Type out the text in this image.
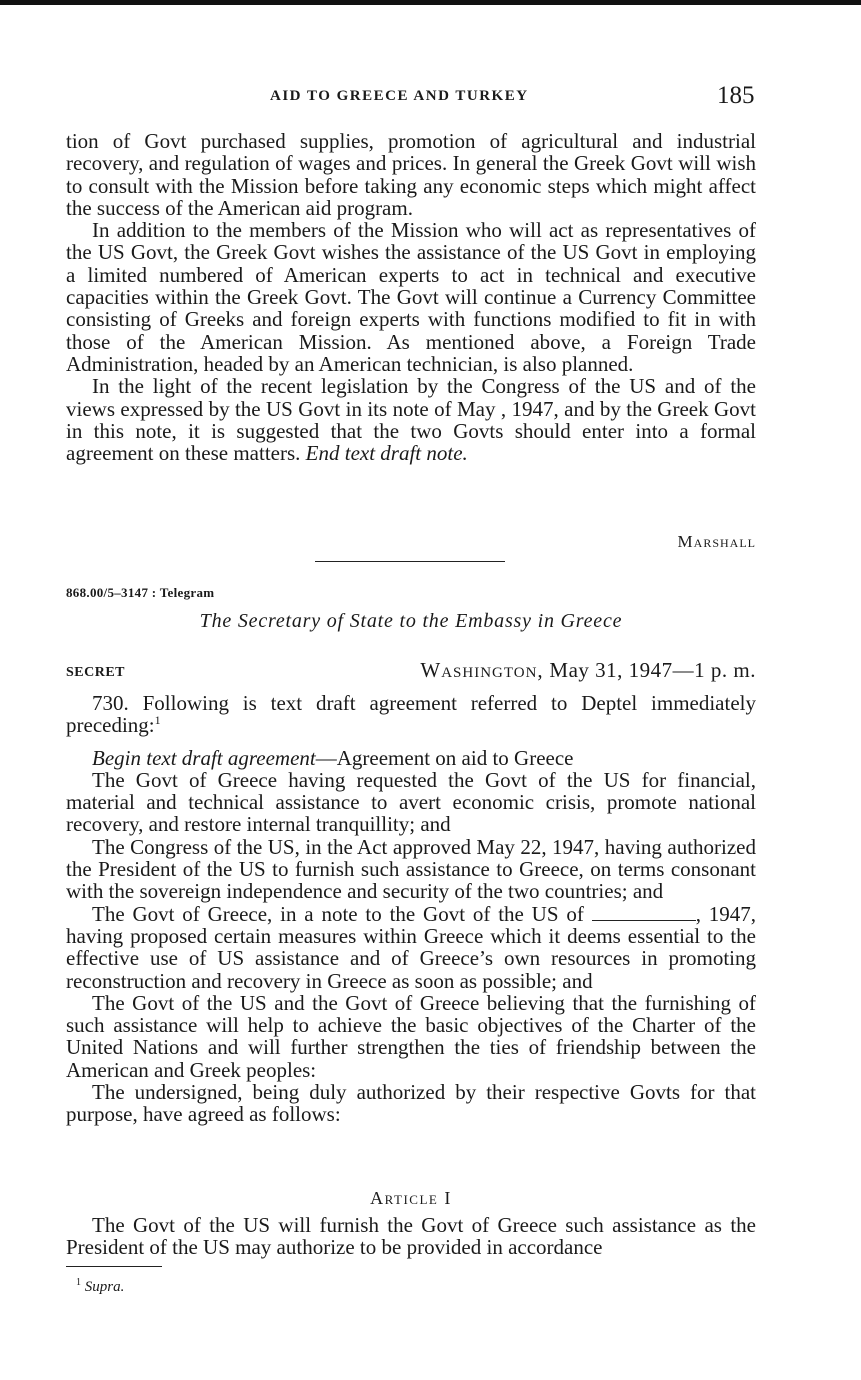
AID TO GREECE AND TURKEY	185

tion of Govt purchased supplies, promotion of agricultural and industrial recovery, and regulation of wages and prices. In general the Greek Govt will wish to consult with the Mission before taking any economic steps which might affect the success of the American aid program.

In addition to the members of the Mission who will act as representatives of the US Govt, the Greek Govt wishes the assistance of the US Govt in employing a limited numbered of American experts to act in technical and executive capacities within the Greek Govt. The Govt will continue a Currency Committee consisting of Greeks and foreign experts with functions modified to fit in with those of the American Mission. As mentioned above, a Foreign Trade Administration, headed by an American technician, is also planned.

In the light of the recent legislation by the Congress of the US and of the views expressed by the US Govt in its note of May , 1947, and by the Greek Govt in this note, it is suggested that the two Govts should enter into a formal agreement on these matters. End text draft note.

Marshall
868.00/5–3147 : Telegram
The Secretary of State to the Embassy in Greece
SECRET	Washington, May 31, 1947—1 p. m.

730. Following is text draft agreement referred to Deptel immediately preceding:$^1$

Begin text draft agreement—Agreement on aid to Greece

The Govt of Greece having requested the Govt of the US for financial, material and technical assistance to avert economic crisis, promote national recovery, and restore internal tranquillity; and

The Congress of the US, in the Act approved May 22, 1947, having authorized the President of the US to furnish such assistance to Greece, on terms consonant with the sovereign independence and security of the two countries; and

The Govt of Greece, in a note to the Govt of the US of	, 1947, having proposed certain measures within Greece which it deems essential to the effective use of US assistance and of Greece’s own resources in promoting reconstruction and recovery in Greece as soon as possible; and

The Govt of the US and the Govt of Greece believing that the furnishing of such assistance will help to achieve the basic objectives of the Charter of the United Nations and will further strengthen the ties of friendship between the American and Greek peoples:

The undersigned, being duly authorized by their respective Govts for that purpose, have agreed as follows:

Article I

The Govt of the US will furnish the Govt of Greece such assistance as the President of the US may authorize to be provided in accordance

$^1$ Supra.
